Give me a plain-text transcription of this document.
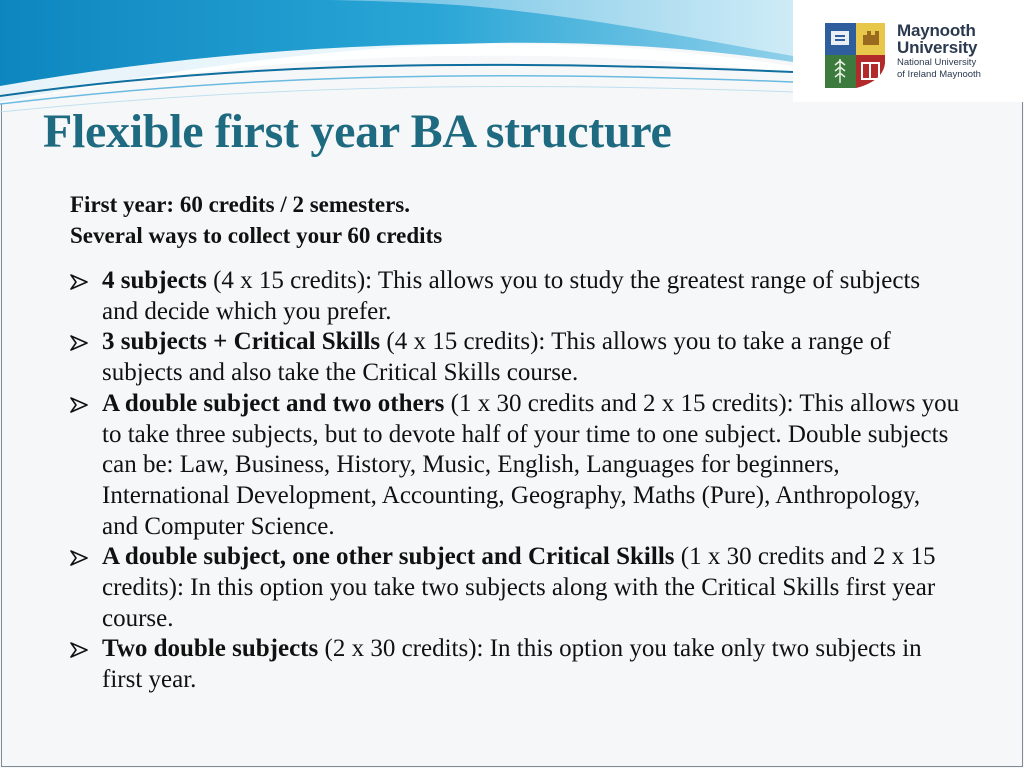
Maynooth
University
National University
of Ireland Maynooth
Flexible first year BA structure
First year: 60 credits / 2 semesters.
Several ways to collect your 60 credits
4 subjects (4 x 15 credits): This allows you to study the greatest range of subjects and decide which you prefer.
3 subjects + Critical Skills (4 x 15 credits): This allows you to take a range of subjects and also take the Critical Skills course.
A double subject and two others (1 x 30 credits and 2 x 15 credits): This allows you to take three subjects, but to devote half of your time to one subject. Double subjects can be: Law, Business, History, Music, English, Languages for beginners, International Development, Accounting, Geography, Maths (Pure), Anthropology, and Computer Science.
A double subject, one other subject and Critical Skills (1 x 30 credits and 2 x 15 credits): In this option you take two subjects along with the Critical Skills first year course.
Two double subjects (2 x 30 credits): In this option you take only two subjects in first year.
